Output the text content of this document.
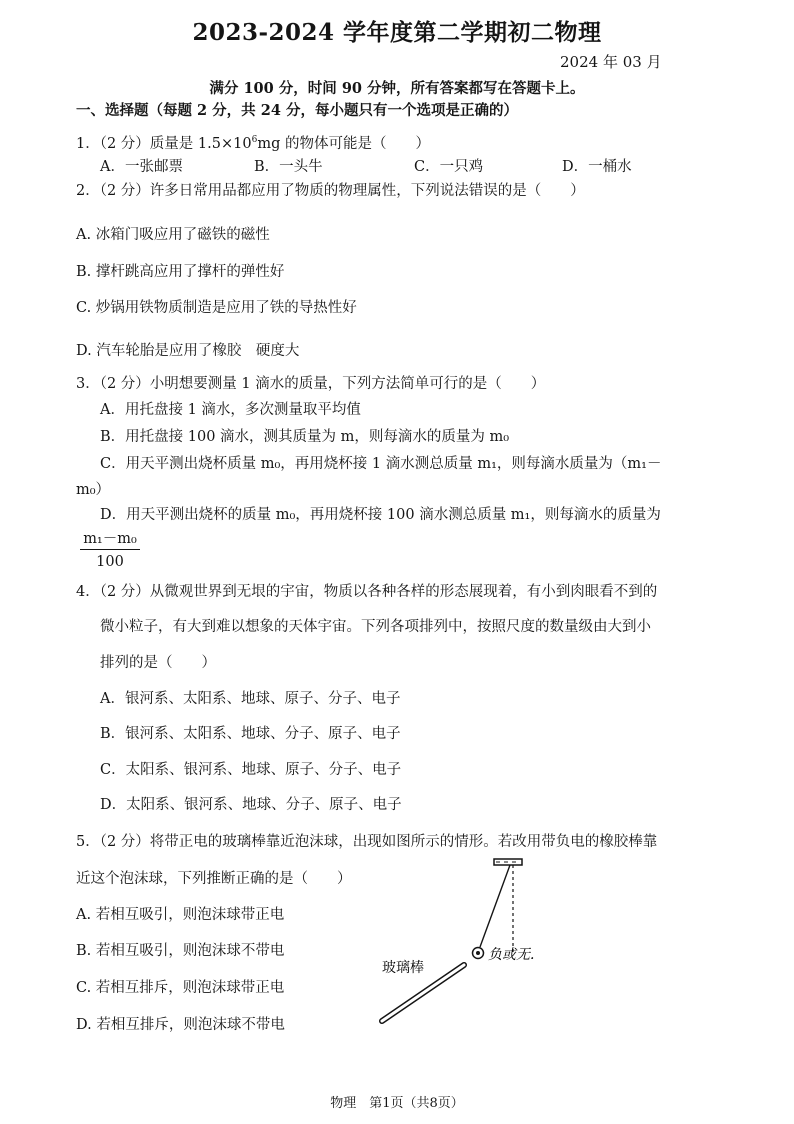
2023-2024 学年度第二学期初二物理
2024 年 03 月
满分 100 分，时间 90 分钟，所有答案都写在答题卡上。
一、选择题（每题 2 分，共 24 分，每小题只有一个选项是正确的）
1．（2 分）质量是 $1.5\times 10^6mg$ 的物体可能是（　　）
A．一张邮票	B．一头牛	C．一只鸡	D．一桶水
2．（2 分）许多日常用品都应用了物质的物理属性，下列说法错误的是（　　）
A. 冰箱门吸应用了磁铁的磁性
B. 撑杆跳高应用了撑杆的弹性好
C. 炒锅用铁物质制造是应用了铁的导热性好
D. 汽车轮胎是应用了橡胶　硬度大
3．（2 分）小明想要测量 1 滴水的质量，下列方法简单可行的是（　　）
A．用托盘接 1 滴水，多次测量取平均值
B．用托盘接 100 滴水，测其质量为 m，则每滴水的质量为 m₀
C．用天平测出烧杯质量 m₀，再用烧杯接 1 滴水测总质量 m₁，则每滴水质量为（m₁－
m₀）
D．用天平测出烧杯的质量 m₀，再用烧杯接 100 滴水测总质量 m₁，则每滴水的质量为
$\frac{\text{m₁－m₀}}{100}$
4．（2 分）从微观世界到无垠的宇宙，物质以各种各样的形态展现着，有小到肉眼看不到的
微小粒子，有大到难以想象的天体宇宙。下列各项排列中，按照尺度的数量级由大到小
排列的是（　　）
A．银河系、太阳系、地球、原子、分子、电子
B．银河系、太阳系、地球、分子、原子、电子
C．太阳系、银河系、地球、原子、分子、电子
D．太阳系、银河系、地球、分子、原子、电子
5．（2 分）将带正电的玻璃棒靠近泡沫球，出现如图所示的情形。若改用带负电的橡胶棒靠
近这个泡沫球，下列推断正确的是（　　）
A. 若相互吸引，则泡沫球带正电
B. 若相互吸引，则泡沫球不带电
C. 若相互排斥，则泡沫球带正电
D. 若相互排斥，则泡沫球不带电
玻璃棒
负或无.
物理　第1页（共8页）
